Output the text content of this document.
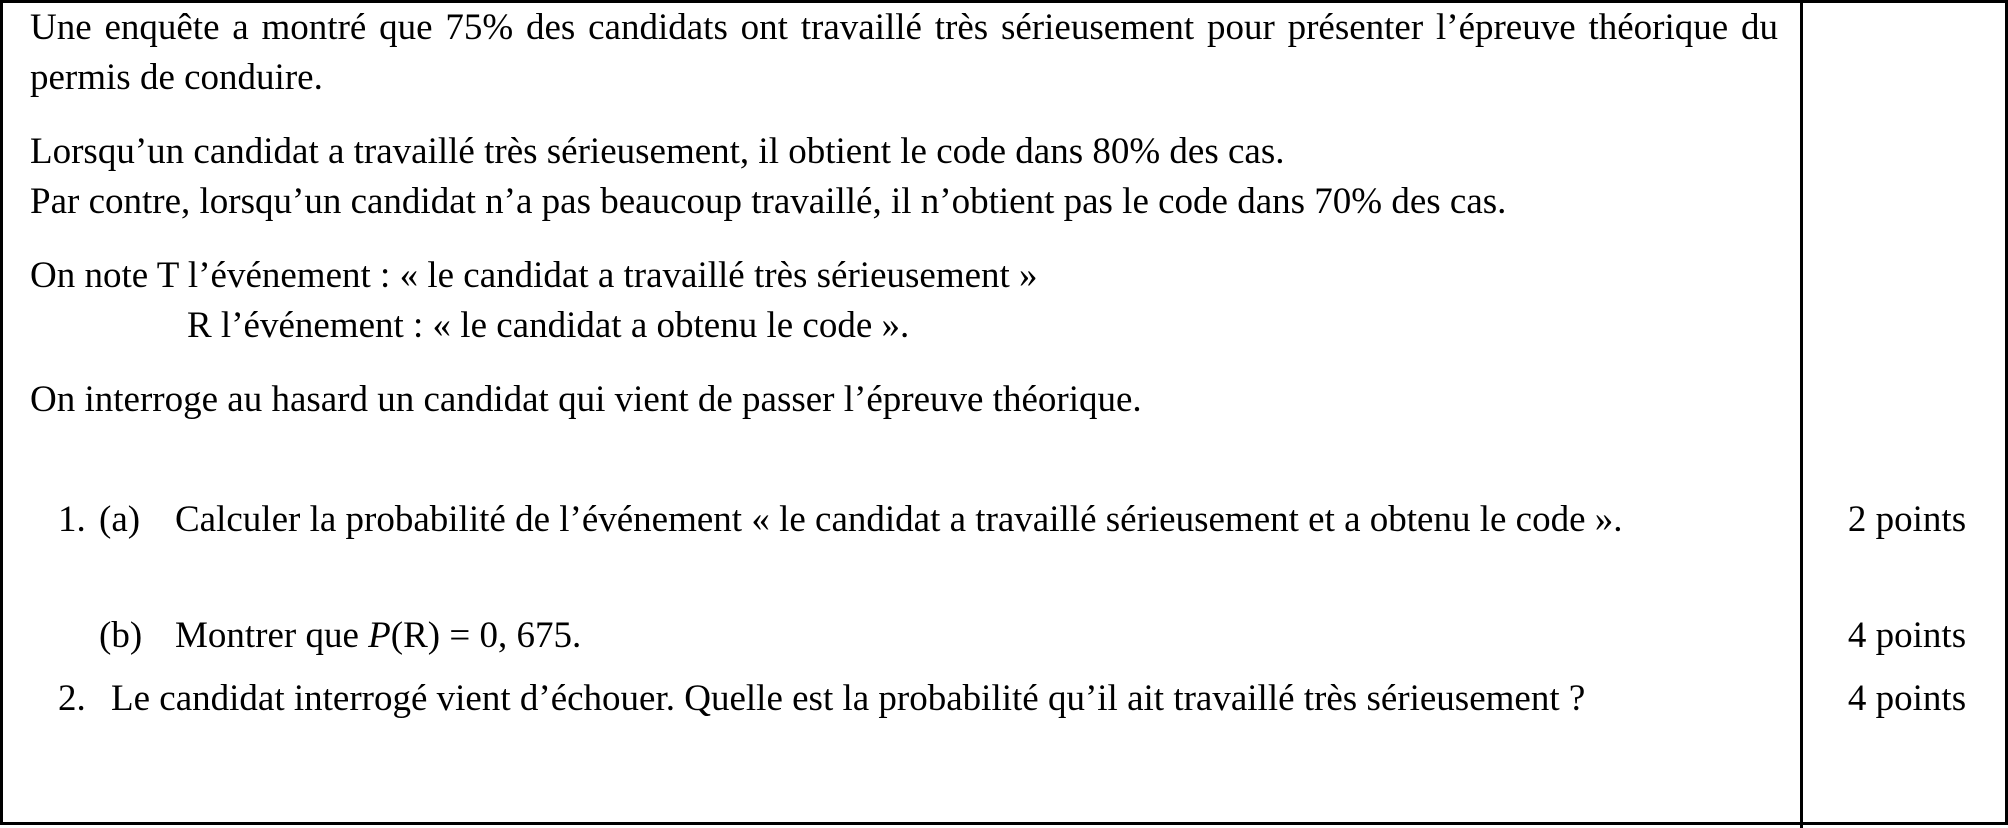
Une enquête a montré que 75% des candidats ont travaillé très sérieusement pour présenter l’épreuve théorique du permis de conduire.

Lorsqu’un candidat a travaillé très sérieusement, il obtient le code dans 80% des cas.

Par contre, lorsqu’un candidat n’a pas beaucoup travaillé, il n’obtient pas le code dans 70% des cas.

On note T l’événement : « le candidat a travaillé très sérieusement »

R l’événement : « le candidat a obtenu le code ».

On interroge au hasard un candidat qui vient de passer l’épreuve théorique.

1. (a) Calculer la probabilité de l’événement « le candidat a travaillé sérieusement et a obtenu le code ».	2 points
(b) Montrer que P(R) = 0, 675.	4 points
2. Le candidat interrogé vient d’échouer. Quelle est la probabilité qu’il ait travaillé très sérieusement ?	4 points
